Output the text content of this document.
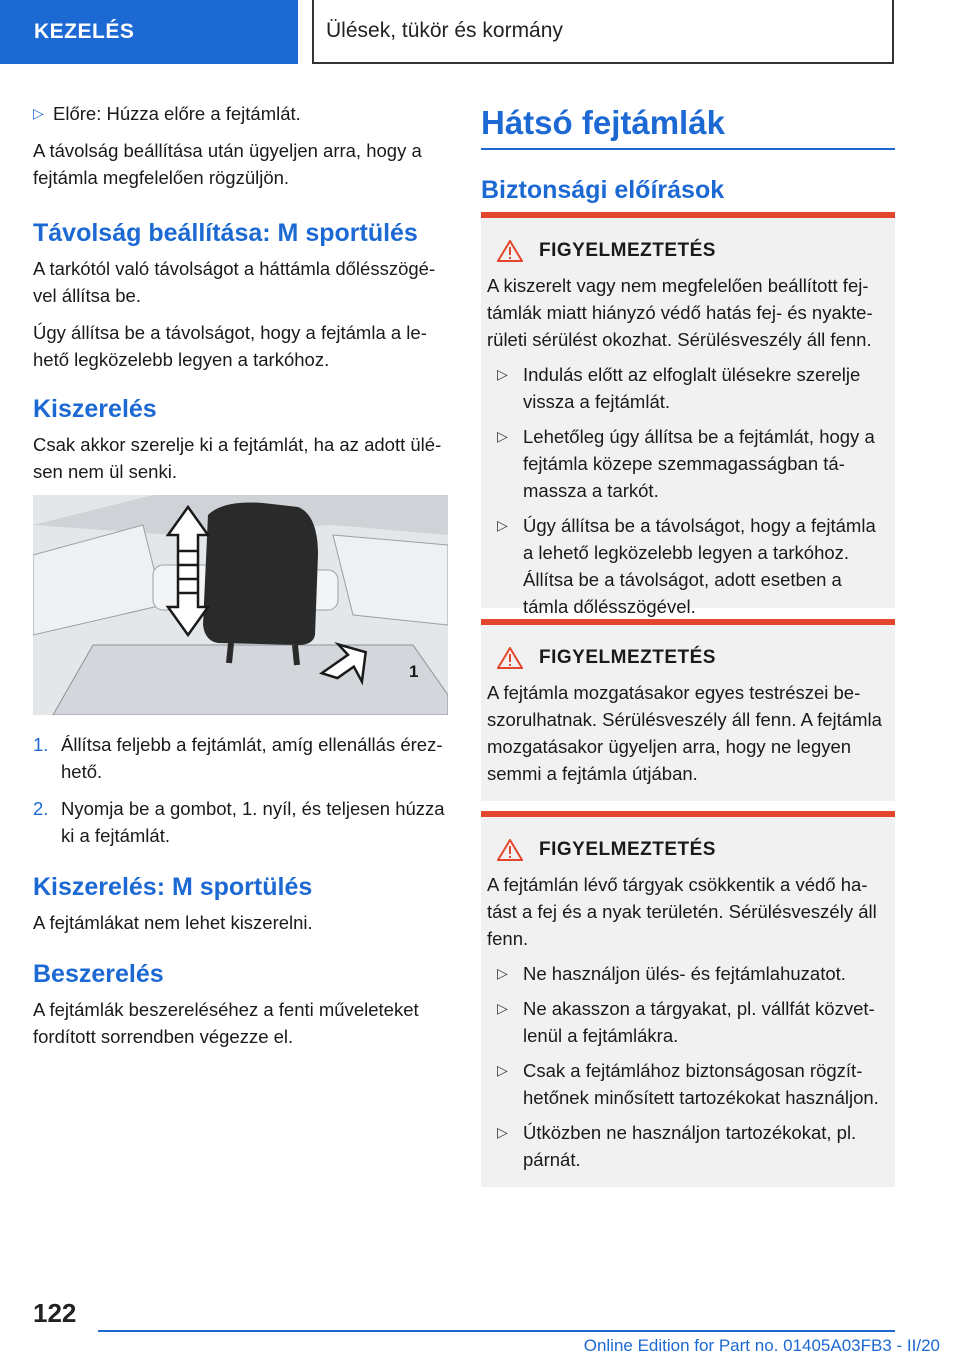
KEZELÉS	Ülések, tükör és kormány
▷ Előre: Húzza előre a fejtámlát.

A távolság beállítása után ügyeljen arra, hogy a fejtámla megfelelően rögzüljön.

Távolság beállítása: M sportülés

A tarkótól való távolságot a háttámla dőlésszögével állítsa be.

Úgy állítsa be a távolságot, hogy a fejtámla a lehető legközelebb legyen a tarkóhoz.

Kiszerelés

Csak akkor szerelje ki a fejtámlát, ha az adott ülésen nem ül senki.

1
1. Állítsa feljebb a fejtámlát, amíg ellenállás érezhető.
2. Nyomja be a gombot, 1. nyíl, és teljesen húzza ki a fejtámlát.
Kiszerelés: M sportülés

A fejtámlákat nem lehet kiszerelni.

Beszerelés

A fejtámlák beszereléséhez a fenti műveleteket fordított sorrendben végezze el.

Hátsó fejtámlák
Biztonsági előírások
FIGYELMEZTETÉS

A kiszerelt vagy nem megfelelően beállított fejtámlák miatt hiányzó védő hatás fej- és nyakterületi sérülést okozhat. Sérülésveszély áll fenn.

▷ Indulás előtt az elfoglalt ülésekre szerelje vissza a fejtámlát.
▷ Lehetőleg úgy állítsa be a fejtámlát, hogy a fejtámla közepe szemmagasságban támassza a tarkót.
▷ Úgy állítsa be a távolságot, hogy a fejtámla a lehető legközelebb legyen a tarkóhoz. Állítsa be a távolságot, adott esetben a támla dőlésszögével.
FIGYELMEZTETÉS

A fejtámla mozgatásakor egyes testrészei beszorulhatnak. Sérülésveszély áll fenn. A fejtámla mozgatásakor ügyeljen arra, hogy ne legyen semmi a fejtámla útjában.

FIGYELMEZTETÉS

A fejtámlán lévő tárgyak csökkentik a védő hatást a fej és a nyak területén. Sérülésveszély áll fenn.

▷ Ne használjon ülés- és fejtámlahuzatot.
▷ Ne akasszon a tárgyakat, pl. vállfát közvetlenül a fejtámlákra.
▷ Csak a fejtámlához biztonságosan rögzíthetőnek minősített tartozékokat használjon.
▷ Útközben ne használjon tartozékokat, pl. párnát.
122
Online Edition for Part no. 01405A03FB3 - II/20
